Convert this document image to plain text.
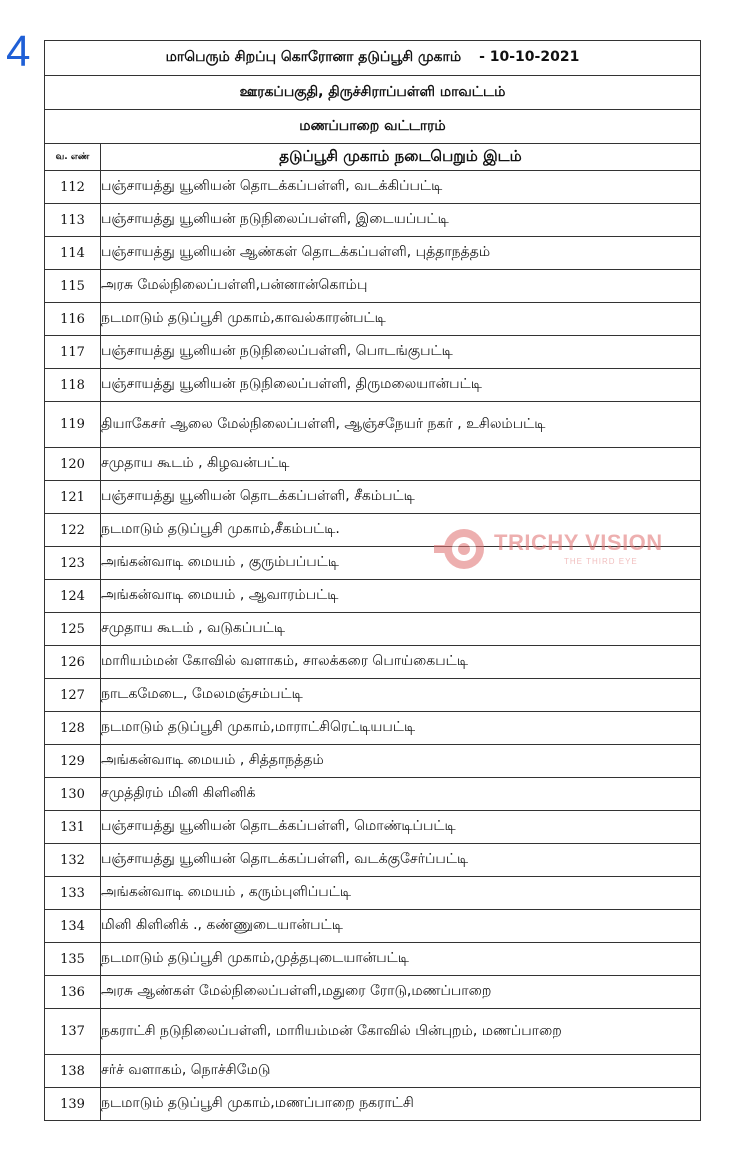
4	மாபெரும் சிறப்பு கொரோனா தடுப்பூசி முகாம் - 10-10-2021	
ஊரகப்பகுதி, திருச்சிராப்பள்ளி மாவட்டம்	
மணப்பாறை வட்டாரம்	
வ. எண்	தடுப்பூசி முகாம் நடைபெறும் இடம்
112	பஞ்சாயத்து யூனியன் தொடக்கப்பள்ளி, வடக்கிப்பட்டி
113	பஞ்சாயத்து யூனியன் நடுநிலைப்பள்ளி, இடையப்பட்டி
114	பஞ்சாயத்து யூனியன் ஆண்கள் தொடக்கப்பள்ளி, புத்தாநத்தம்
115	அரசு மேல்நிலைப்பள்ளி,பன்னான்கொம்பு
116	நடமாடும் தடுப்பூசி முகாம்,காவல்காரன்பட்டி
117	பஞ்சாயத்து யூனியன் நடுநிலைப்பள்ளி, பொடங்குபட்டி
118	பஞ்சாயத்து யூனியன் நடுநிலைப்பள்ளி, திருமலையான்பட்டி
119	தியாகேசர் ஆலை மேல்நிலைப்பள்ளி, ஆஞ்சநேயர் நகர் , உசிலம்பட்டி
120	சமுதாய கூடம் , கிழவன்பட்டி
121	பஞ்சாயத்து யூனியன் தொடக்கப்பள்ளி, சீகம்பட்டி
122	நடமாடும் தடுப்பூசி முகாம்,சீகம்பட்டி.
123	அங்கன்வாடி மையம் , குரும்பப்பட்டி
124	அங்கன்வாடி மையம் , ஆவாரம்பட்டி
125	சமுதாய கூடம் , வடுகப்பட்டி
126	மாரியம்மன் கோவில் வளாகம், சாலக்கரை பொய்கைபட்டி
127	நாடகமேடை, மேலமஞ்சம்பட்டி
128	நடமாடும் தடுப்பூசி முகாம்,மாராட்சிரெட்டியபட்டி
129	அங்கன்வாடி மையம் , சித்தாநத்தம்
130	சமுத்திரம் மினி கிளினிக்
131	பஞ்சாயத்து யூனியன் தொடக்கப்பள்ளி, மொண்டிப்பட்டி
132	பஞ்சாயத்து யூனியன் தொடக்கப்பள்ளி, வடக்குசேர்ப்பட்டி
133	அங்கன்வாடி மையம் , கரும்புளிப்பட்டி
134	மினி கிளினிக் ., கண்ணுடையான்பட்டி
135	நடமாடும் தடுப்பூசி முகாம்,முத்தபுடையான்பட்டி
136	அரசு ஆண்கள் மேல்நிலைப்பள்ளி,மதுரை ரோடு,மணப்பாறை
137	நகராட்சி நடுநிலைப்பள்ளி, மாரியம்மன் கோவில் பின்புறம், மணப்பாறை
138	சர்ச் வளாகம், நொச்சிமேடு
139	நடமாடும் தடுப்பூசி முகாம்,மணப்பாறை நகராட்சி
TRICHY VISION
THE THIRD EYE
